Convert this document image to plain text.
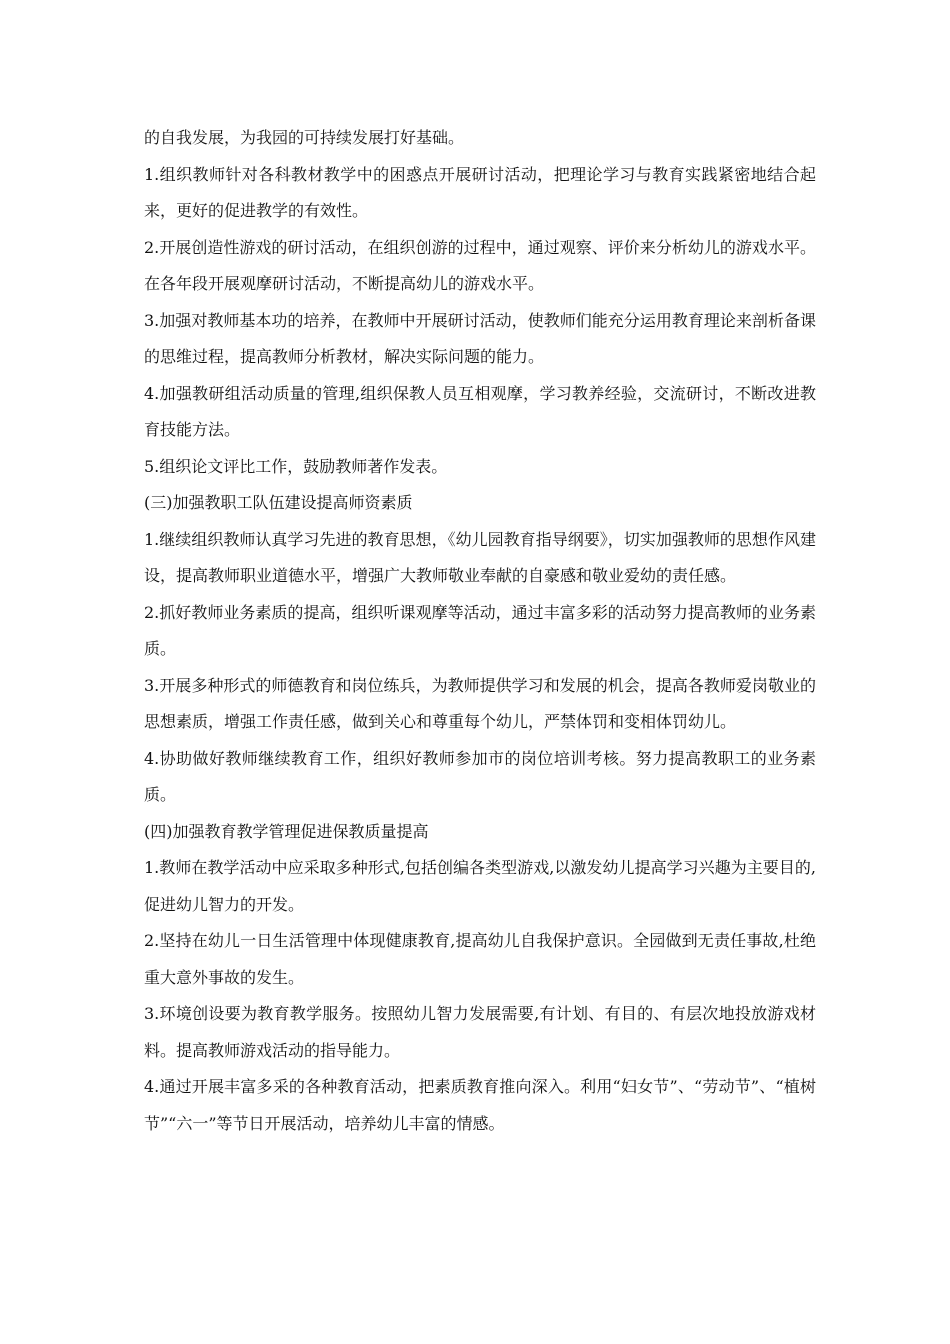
的自我发展，为我园的可持续发展打好基础。

1.组织教师针对各科教材教学中的困惑点开展研讨活动，把理论学习与教育实践紧密地结合起来，更好的促进教学的有效性。

2.开展创造性游戏的研讨活动，在组织创游的过程中，通过观察、评价来分析幼儿的游戏水平。在各年段开展观摩研讨活动，不断提高幼儿的游戏水平。

3.加强对教师基本功的培养，在教师中开展研讨活动，使教师们能充分运用教育理论来剖析备课的思维过程，提高教师分析教材，解决实际问题的能力。

4.加强教研组活动质量的管理,组织保教人员互相观摩，学习教养经验，交流研讨，不断改进教育技能方法。

5.组织论文评比工作，鼓励教师著作发表。

(三)加强教职工队伍建设提高师资素质

1.继续组织教师认真学习先进的教育思想，《幼儿园教育指导纲要》，切实加强教师的思想作风建设，提高教师职业道德水平，增强广大教师敬业奉献的自豪感和敬业爱幼的责任感。

2.抓好教师业务素质的提高，组织听课观摩等活动，通过丰富多彩的活动努力提高教师的业务素质。

3.开展多种形式的师德教育和岗位练兵，为教师提供学习和发展的机会，提高各教师爱岗敬业的思想素质，增强工作责任感，做到关心和尊重每个幼儿，严禁体罚和变相体罚幼儿。

4.协助做好教师继续教育工作，组织好教师参加市的岗位培训考核。努力提高教职工的业务素质。

(四)加强教育教学管理促进保教质量提高

1.教师在教学活动中应采取多种形式,包括创编各类型游戏,以激发幼儿提高学习兴趣为主要目的,促进幼儿智力的开发。

2.坚持在幼儿一日生活管理中体现健康教育,提高幼儿自我保护意识。全园做到无责任事故,杜绝重大意外事故的发生。

3.环境创设要为教育教学服务。按照幼儿智力发展需要,有计划、有目的、有层次地投放游戏材料。提高教师游戏活动的指导能力。

4.通过开展丰富多采的各种教育活动，把素质教育推向深入。利用“妇女节”、“劳动节”、“植树节”“六一”等节日开展活动，培养幼儿丰富的情感。
